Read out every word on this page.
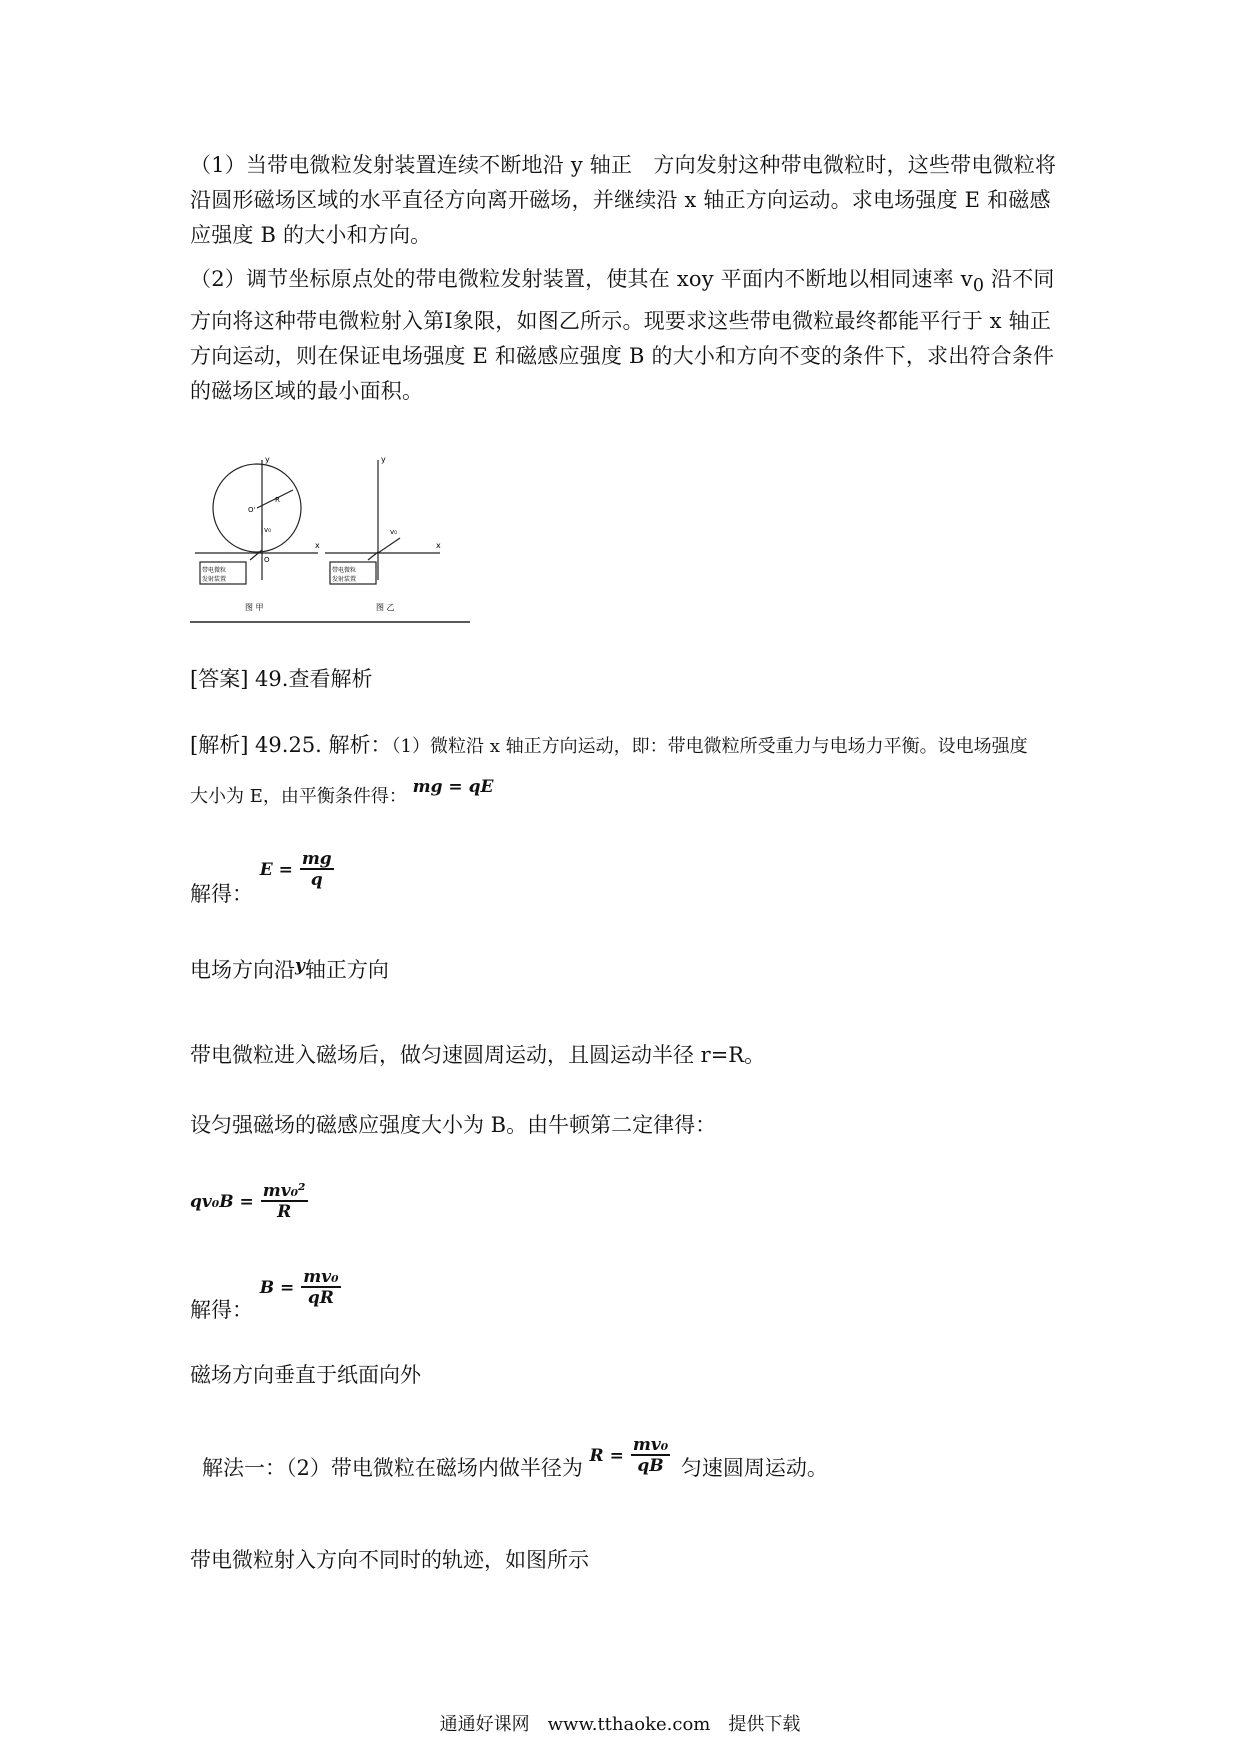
（1）当带电微粒发射装置连续不断地沿 y 轴正　方向发射这种带电微粒时，这些带电微粒将　沿圆形磁场区域的水平直径方向离开磁场，并继续沿 x 轴正方向运动。求电场强度 E 和磁感应强度 B 的大小和方向。
（2）调节坐标原点处的带电微粒发射装置，使其在 xoy 平面内不断地以相同速率 $v_0$ 沿不同方向将这种带电微粒射入第Ⅰ象限，如图乙所示。现要求这些带电微粒最终都能平行于 x 轴正方向运动，则在保证电场强度 E 和磁感应强度 B 的大小和方向不变的条件下，求出符合条件的磁场区域的最小面积。
y
x
O
O'
R
v₀
带电微粒
发射装置
图 甲
y
x
v₀
带电微粒
发射装置
图 乙
[答案] 49.查看解析
[解析] 49.25. 解析：（1）微粒沿 x 轴正方向运动，即：带电微粒所受重力与电场力平衡。设电场强度
大小为 E，由平衡条件得： mg = qE
解得：
$E = \frac{mg}{q}$
电场方向沿$^y$轴正方向
带电微粒进入磁场后，做匀速圆周运动，且圆运动半径 r=R。
设匀强磁场的磁感应强度大小为 B。由牛顿第二定律得：
$qv_0B = \frac{\text{mv₀²}}{R}$
解得：
$B = \frac{\text{mv₀}}{qR}$
磁场方向垂直于纸面向外
解法一：（2）带电微粒在磁场内做半径为 $R = \frac{\text{mv₀}}{qB}$ 匀速圆周运动。
带电微粒射入方向不同时的轨迹，如图所示
通通好课网　www.tthaoke.com　提供下载
